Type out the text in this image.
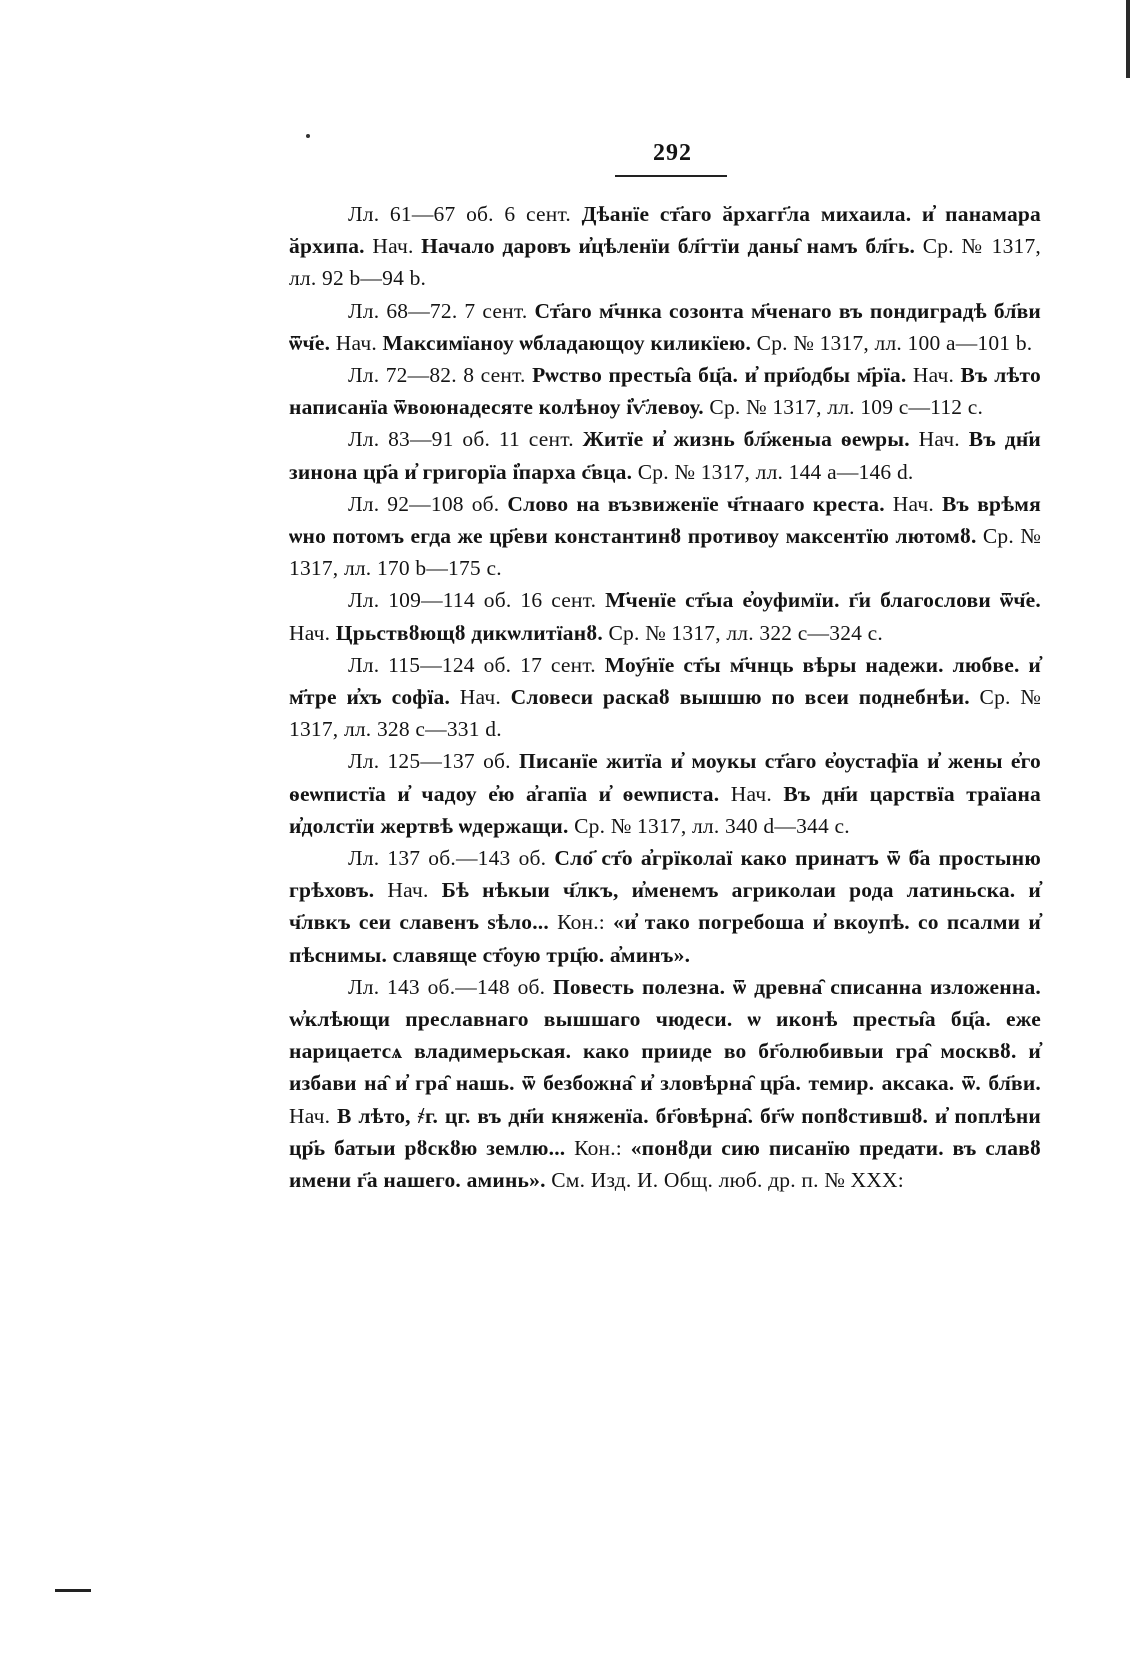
292

Лл. 61—67 об. 6 сент. Дѣанїе ст҃аго ӑрхагг҃ла михаила. и҆ панамара ӑрхипа. Нач. Начало даровъ и҆цѣленїи бл҃гтїи даны̑ намъ бл҃гь. Ср. № 1317, лл. 92 b—94 b.

Лл. 68—72. 7 сент. Ст҃аго м҃чнка созонта м҃ченаго въ пондиградѣ бл҃ви ѿч҃е. Нач. Максимїаноу ѡбладающоу киликїею. Ср. № 1317, лл. 100 a—101 b.

Лл. 72—82. 8 сент. Рѡство престы̑а бц҃а. и҆ при҃одбы м҃рїа. Нач. Въ лѣто написанїа ѿвоюнадесяте колѣноу і҆ѵ҃левоу. Ср. № 1317, лл. 109 c—112 c.

Лл. 83—91 об. 11 сент. Житїе и҆ жизнь бл҃женыа ѳеѡры. Нач. Въ дн҃и зинона цр҃а и҆ григорїа і҆парха с҃вца. Ср. № 1317, лл. 144 a—146 d.

Лл. 92—108 об. Слово на възвиженїе ч҃тнааго креста. Нач. Въ врѣмя ѡно потомъ егда же цр҃еви константинȣ противоу максентїю лютомȣ. Ср. № 1317, лл. 170 b—175 c.

Лл. 109—114 об. 16 сент. М҃ченїе ст҃ыа е҆оуфимїи. г҃и благослови ѿч҃е. Нач. Црьствȣющȣ дикѡлитїанȣ. Ср. № 1317, лл. 322 c—324 c.

Лл. 115—124 об. 17 сент. Моу҃нїе ст҃ы м҃чнць вѣры надежи. любве. и҆ м҃тре и҆хъ софїа. Нач. Словеси раскаȣ вышшю по всеи поднебнѣи. Ср. № 1317, лл. 328 c—331 d.

Лл. 125—137 об. Писанїе житїа и҆ моукы ст҃аго е҆оустафїа и҆ жены е҆го ѳеѡпистїа и҆ чадоу е҆ю а҆гапїа и҆ ѳеѡписта. Нач. Въ дн҃и царствїа траїана и҆долстїи жертвѣ ѡдержащи. Ср. № 1317, лл. 340 d—344 c.

Лл. 137 об.—143 об. Сло҃ ст҃о а҆грїколаї како принатъ ѿ б҃а простыню грѣховъ. Нач. Бѣ нѣкыи ч҃лкъ, и҆менемъ агриколаи рода латиньска. и҆ ч҃лвкъ сеи славенъ ѕѣло... Кон.: «и҆ тако погребоша и҆ вкоупѣ. со псалми и҆ пѣснимы. славяще ст҃оую трц҃ю. а҆минъ».

Лл. 143 об.—148 об. Повесть полезна. ѿ древна̑ списанна изложенна. w҆клѣющи преславнаго вышшаго чюдеси. ѡ иконѣ престы̑а бц҃а. еже нарицаетсѧ владимерьская. како прииде во бг҃олюбивыи гра̑ москвȣ. и҆ избави на̑ и҆ гра̑ нашь. ѿ безбожна̑ и҆ зловѣрна̑ цр҃а. темир. аксака. ѿ. бл҃ви. Нач. В лѣто, ҂г. цг. въ дн҃и княженїа. бг҃овѣрна̑. бг҃ѡ попȣстившȣ. и҆ поплѣни цр҃ь батыи рȣскȣю землю... Кон.: «понȣди сию писанїю предати. въ славȣ имени г҃а нашего. аминь». См. Изд. И. Общ. люб. др. п. № XXX:
